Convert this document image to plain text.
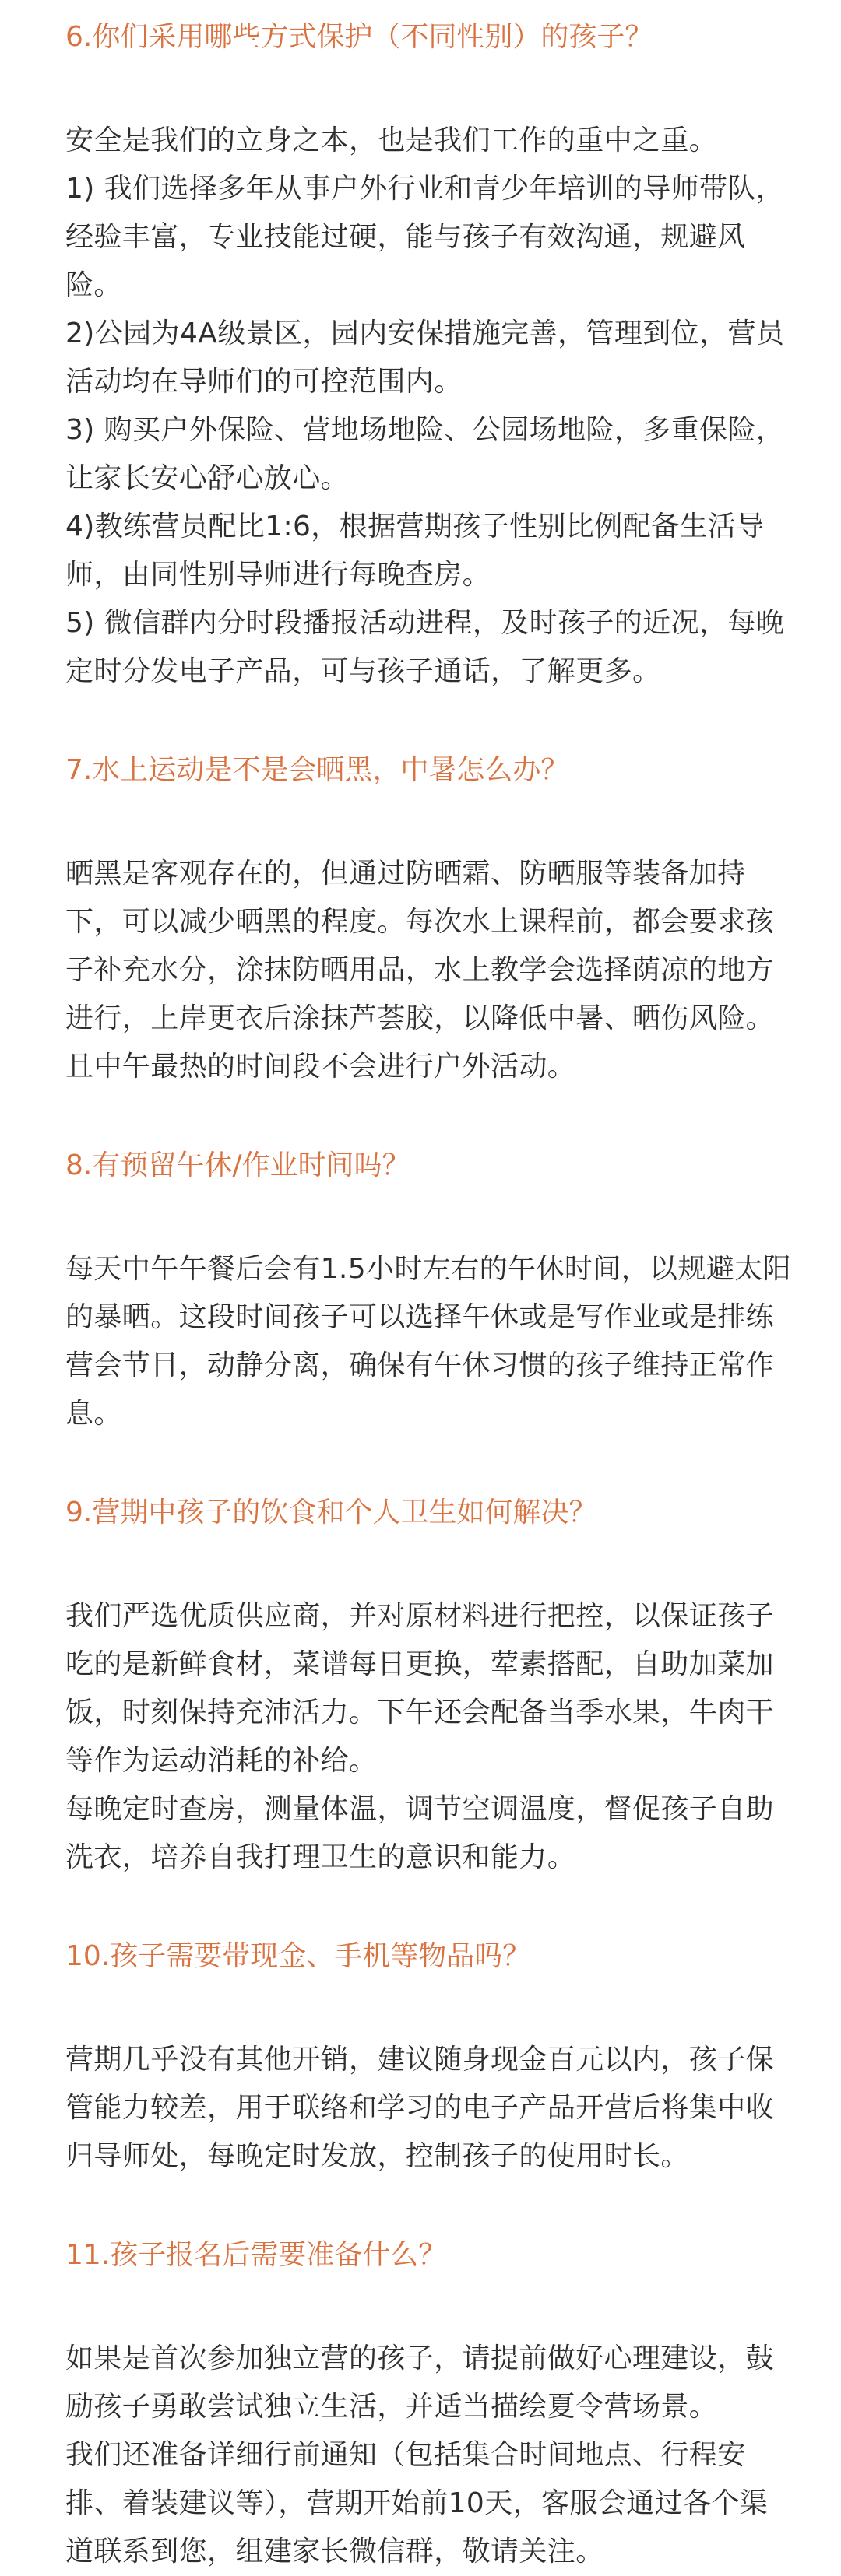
6.你们采用哪些方式保护（不同性别）的孩子？

安全是我们的立身之本，也是我们工作的重中之重。

1) 我们选择多年从事户外行业和青少年培训的导师带队，经验丰富，专业技能过硬，能与孩子有效沟通，规避风险。

2)公园为4A级景区，园内安保措施完善，管理到位，营员活动均在导师们的可控范围内。

3) 购买户外保险、营地场地险、公园场地险，多重保险，让家长安心舒心放心。

4)教练营员配比1:6，根据营期孩子性别比例配备生活导师，由同性别导师进行每晚查房。

5) 微信群内分时段播报活动进程，及时孩子的近况，每晚定时分发电子产品，可与孩子通话，了解更多。

7.水上运动是不是会晒黑，中暑怎么办？

晒黑是客观存在的，但通过防晒霜、防晒服等装备加持下，可以减少晒黑的程度。每次水上课程前，都会要求孩子补充水分，涂抹防晒用品，水上教学会选择荫凉的地方进行，上岸更衣后涂抹芦荟胶，以降低中暑、晒伤风险。且中午最热的时间段不会进行户外活动。

8.有预留午休/作业时间吗？

每天中午午餐后会有1.5小时左右的午休时间，以规避太阳的暴晒。这段时间孩子可以选择午休或是写作业或是排练营会节目，动静分离，确保有午休习惯的孩子维持正常作息。

9.营期中孩子的饮食和个人卫生如何解决？

我们严选优质供应商，并对原材料进行把控，以保证孩子吃的是新鲜食材，菜谱每日更换，荤素搭配，自助加菜加饭，时刻保持充沛活力。下午还会配备当季水果，牛肉干等作为运动消耗的补给。

每晚定时查房，测量体温，调节空调温度，督促孩子自助洗衣，培养自我打理卫生的意识和能力。

10.孩子需要带现金、手机等物品吗？

营期几乎没有其他开销，建议随身现金百元以内，孩子保管能力较差，用于联络和学习的电子产品开营后将集中收归导师处，每晚定时发放，控制孩子的使用时长。

11.孩子报名后需要准备什么？

如果是首次参加独立营的孩子，请提前做好心理建设，鼓励孩子勇敢尝试独立生活，并适当描绘夏令营场景。

我们还准备详细行前通知（包括集合时间地点、行程安排、着装建议等），营期开始前10天，客服会通过各个渠道联系到您，组建家长微信群，敬请关注。
